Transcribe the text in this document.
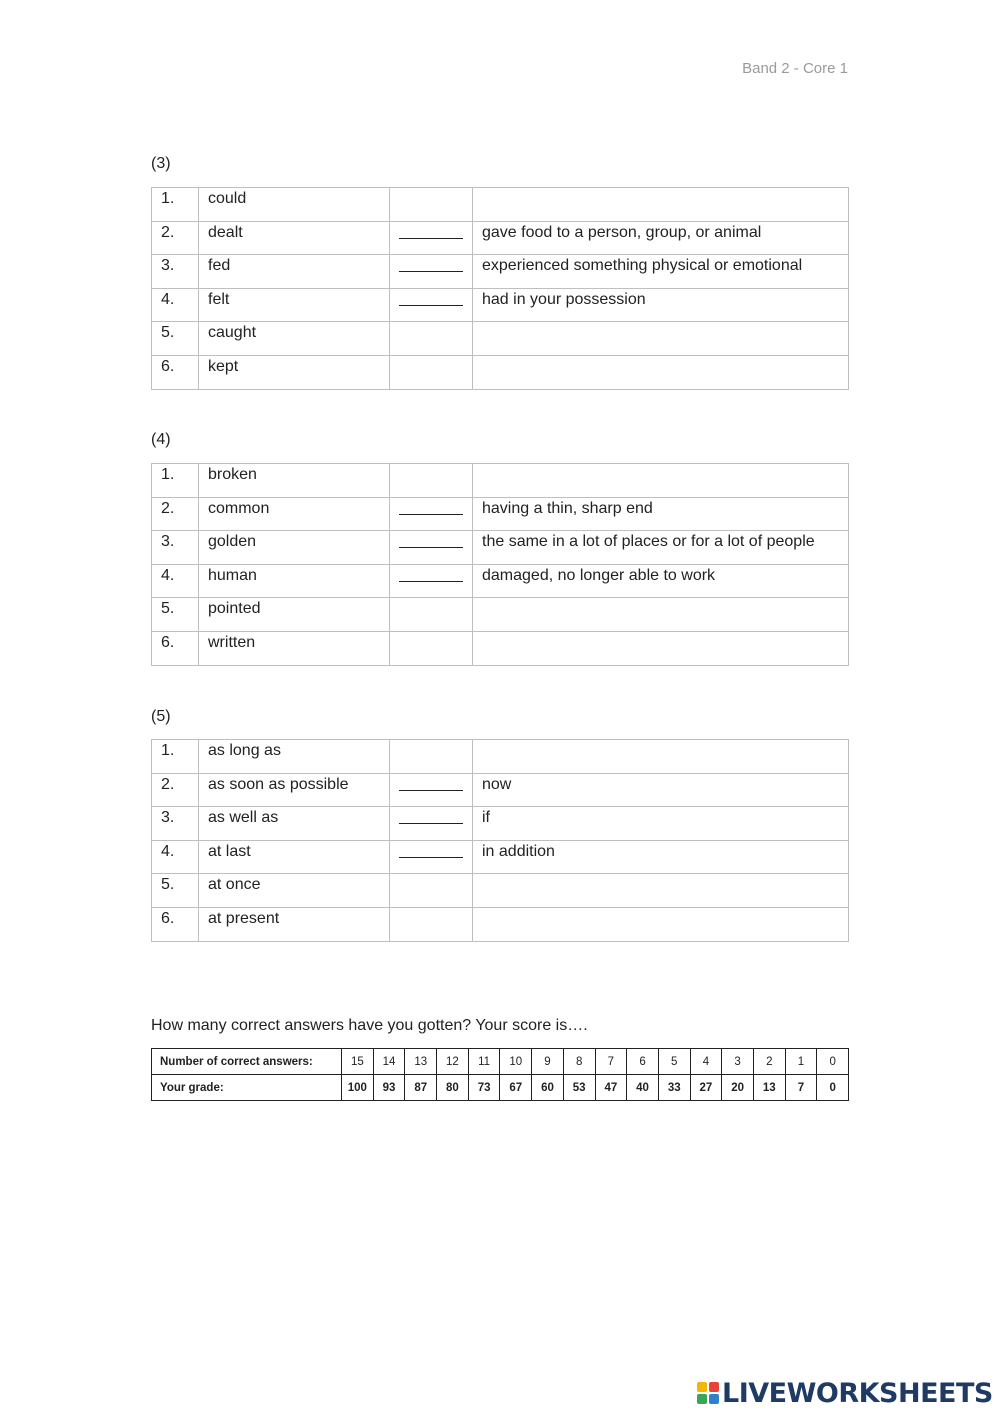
Band 2 - Core 1
(3)
1.	could		
2.	dealt		gave food to a person, group, or animal
3.	fed		experienced something physical or emotional
4.	felt		had in your possession
5.	caught		
6.	kept		
(4)
1.	broken		
2.	common		having a thin, sharp end
3.	golden		the same in a lot of places or for a lot of people
4.	human		damaged, no longer able to work
5.	pointed		
6.	written		
(5)
1.	as long as		
2.	as soon as possible		now
3.	as well as		if
4.	at last		in addition
5.	at once		
6.	at present		
How many correct answers have you gotten? Your score is….
Number of correct answers:	15	14	13	12	11	10	9	8	7	6	5	4	3	2	1	0
Your grade:	100	93	87	80	73	67	60	53	47	40	33	27	20	13	7	0
LIVEWORKSHEETS
